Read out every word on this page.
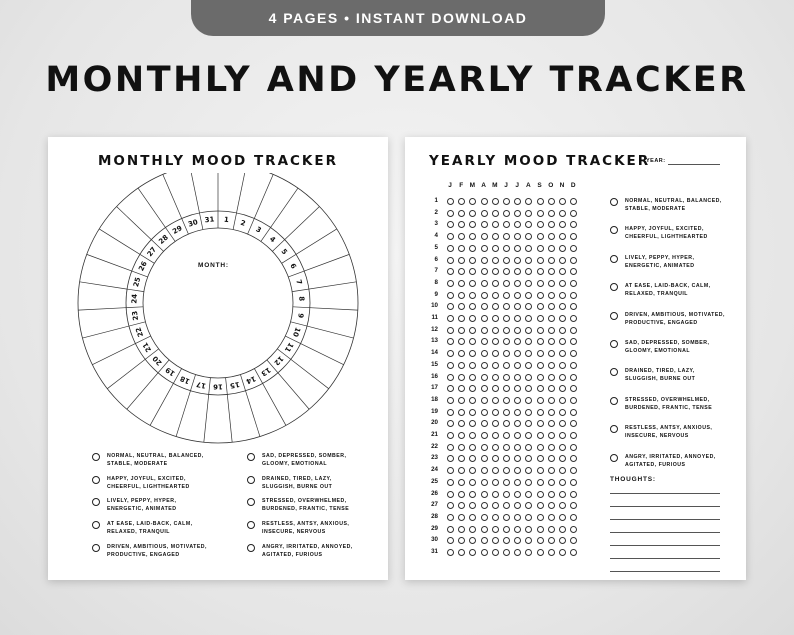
4 PAGES • INSTANT DOWNLOAD
MONTHLY AND YEARLY TRACKER
MONTHLY MOOD TRACKER
1 2
3
4
5
6
7
8
9
10
11
12
13
14
15
16
17
18
19
20
21
22
23
24
25
26
27
28
29
30 31
MONTH:
NORMAL, NEUTRAL, BALANCED,
STABLE, MODERATE
HAPPY, JOYFUL, EXCITED,
CHEERFUL, LIGHTHEARTED
LIVELY, PEPPY, HYPER,
ENERGETIC, ANIMATED
AT EASE, LAID-BACK, CALM,
RELAXED, TRANQUIL
DRIVEN, AMBITIOUS, MOTIVATED,
PRODUCTIVE, ENGAGED
SAD, DEPRESSED, SOMBER,
GLOOMY, EMOTIONAL
DRAINED, TIRED, LAZY,
SLUGGISH, BURNE OUT
STRESSED, OVERWHELMED,
BURDENED, FRANTIC, TENSE
RESTLESS, ANTSY, ANXIOUS,
INSECURE, NERVOUS
ANGRY, IRRITATED, ANNOYED,
AGITATED, FURIOUS
YEARLY MOOD TRACKER
YEAR:
J	F	M A M	J	J	A	S	O N D
1
2
3
4
5
6
7
8
9
10
11
12
13
14
15
16
17
18
19
20
21
22
23
24
25
26
27
28
29
30
31
NORMAL, NEUTRAL, BALANCED,
STABLE, MODERATE
HAPPY, JOYFUL, EXCITED,
CHEERFUL, LIGHTHEARTED
LIVELY, PEPPY, HYPER,
ENERGETIC, ANIMATED
AT EASE, LAID-BACK, CALM,
RELAXED, TRANQUIL
DRIVEN, AMBITIOUS, MOTIVATED,
PRODUCTIVE, ENGAGED
SAD, DEPRESSED, SOMBER,
GLOOMY, EMOTIONAL
DRAINED, TIRED, LAZY,
SLUGGISH, BURNE OUT
STRESSED, OVERWHELMED,
BURDENED, FRANTIC, TENSE
RESTLESS, ANTSY, ANXIOUS,
INSECURE, NERVOUS
ANGRY, IRRITATED, ANNOYED,
AGITATED, FURIOUS
THOUGHTS:
